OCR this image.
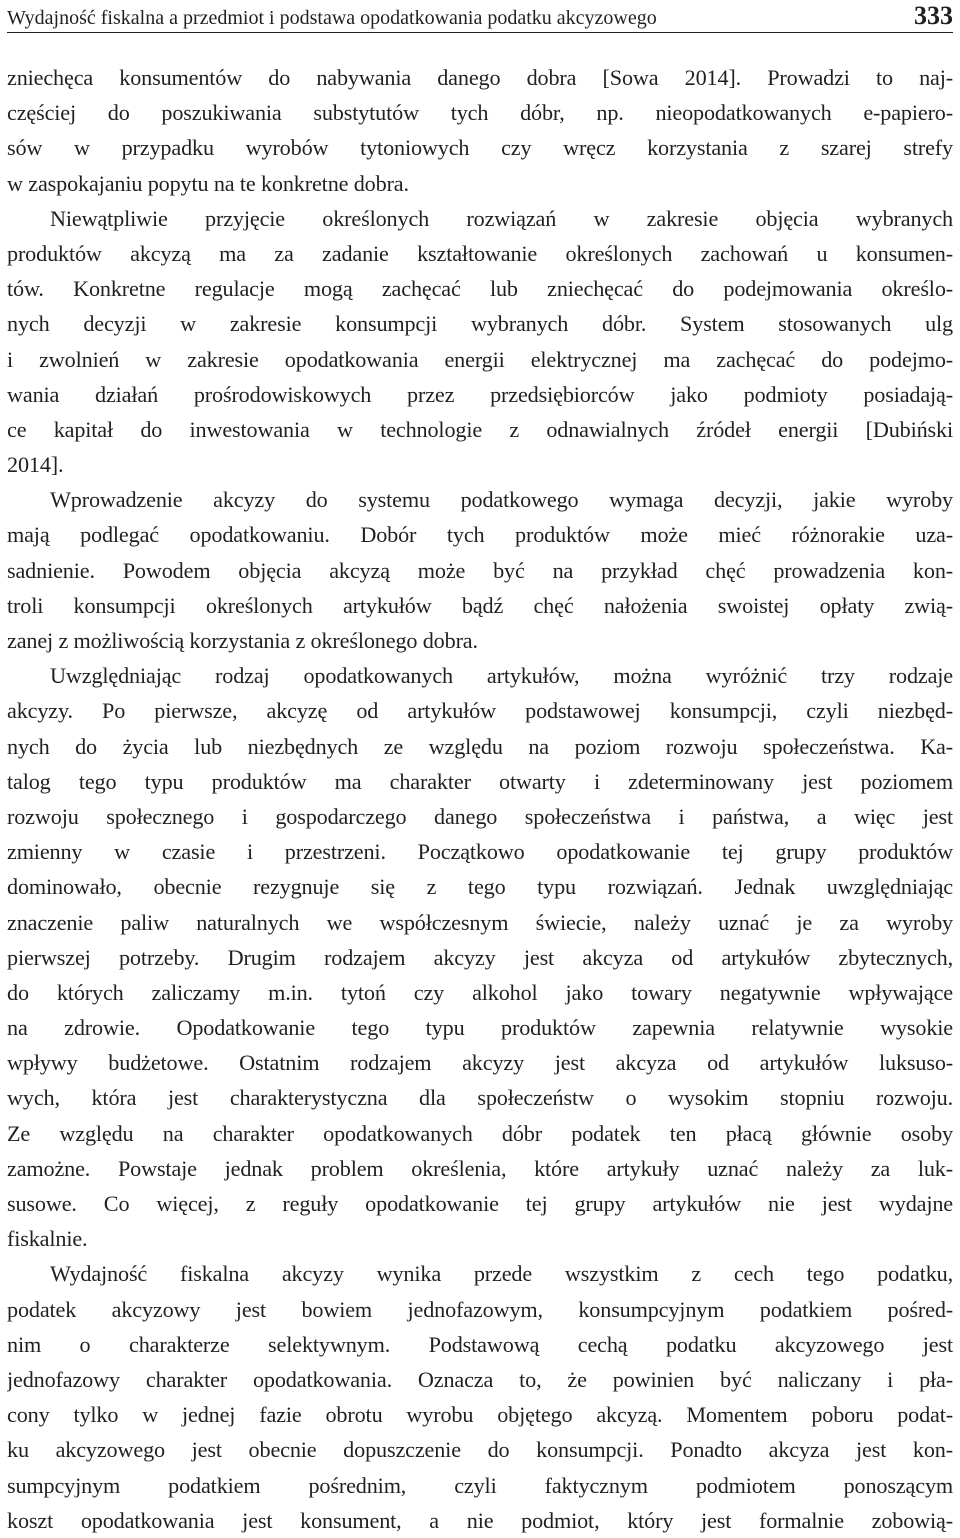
Wydajność fiskalna a przedmiot i podstawa opodatkowania podatku akcyzowego	333
zniechęca konsumentów do nabywania danego dobra [Sowa 2014]. Prowadzi to naj-
częściej do poszukiwania substytutów tych dóbr, np. nieopodatkowanych e-papiero-
sów w przypadku wyrobów tytoniowych czy wręcz korzystania z szarej strefy
w zaspokajaniu popytu na te konkretne dobra.
Niewątpliwie przyjęcie określonych rozwiązań w zakresie objęcia wybranych
produktów akcyzą ma za zadanie kształtowanie określonych zachowań u konsumen-
tów. Konkretne regulacje mogą zachęcać lub zniechęcać do podejmowania określo-
nych decyzji w zakresie konsumpcji wybranych dóbr. System stosowanych ulg
i zwolnień w zakresie opodatkowania energii elektrycznej ma zachęcać do podejmo-
wania działań prośrodowiskowych przez przedsiębiorców jako podmioty posiadają-
ce kapitał do inwestowania w technologie z odnawialnych źródeł energii [Dubiński
2014].
Wprowadzenie akcyzy do systemu podatkowego wymaga decyzji, jakie wyroby
mają podlegać opodatkowaniu. Dobór tych produktów może mieć różnorakie uza-
sadnienie. Powodem objęcia akcyzą może być na przykład chęć prowadzenia kon-
troli konsumpcji określonych artykułów bądź chęć nałożenia swoistej opłaty zwią-
zanej z możliwością korzystania z określonego dobra.
Uwzględniając rodzaj opodatkowanych artykułów, można wyróżnić trzy rodzaje
akcyzy. Po pierwsze, akcyzę od artykułów podstawowej konsumpcji, czyli niezbęd-
nych do życia lub niezbędnych ze względu na poziom rozwoju społeczeństwa. Ka-
talog tego typu produktów ma charakter otwarty i zdeterminowany jest poziomem
rozwoju społecznego i gospodarczego danego społeczeństwa i państwa, a więc jest
zmienny w czasie i przestrzeni. Początkowo opodatkowanie tej grupy produktów
dominowało, obecnie rezygnuje się z tego typu rozwiązań. Jednak uwzględniając
znaczenie paliw naturalnych we współczesnym świecie, należy uznać je za wyroby
pierwszej potrzeby. Drugim rodzajem akcyzy jest akcyza od artykułów zbytecznych,
do których zaliczamy m.in. tytoń czy alkohol jako towary negatywnie wpływające
na zdrowie. Opodatkowanie tego typu produktów zapewnia relatywnie wysokie
wpływy budżetowe. Ostatnim rodzajem akcyzy jest akcyza od artykułów luksuso-
wych, która jest charakterystyczna dla społeczeństw o wysokim stopniu rozwoju.
Ze względu na charakter opodatkowanych dóbr podatek ten płacą głównie osoby
zamożne. Powstaje jednak problem określenia, które artykuły uznać należy za luk-
susowe. Co więcej, z reguły opodatkowanie tej grupy artykułów nie jest wydajne
fiskalnie.
Wydajność fiskalna akcyzy wynika przede wszystkim z cech tego podatku,
podatek akcyzowy jest bowiem jednofazowym, konsumpcyjnym podatkiem pośred-
nim o charakterze selektywnym. Podstawową cechą podatku akcyzowego jest
jednofazowy charakter opodatkowania. Oznacza to, że powinien być naliczany i pła-
cony tylko w jednej fazie obrotu wyrobu objętego akcyzą. Momentem poboru podat-
ku akcyzowego jest obecnie dopuszczenie do konsumpcji. Ponadto akcyza jest kon-
sumpcyjnym podatkiem pośrednim, czyli faktycznym podmiotem ponoszącym
koszt opodatkowania jest konsument, a nie podmiot, który jest formalnie zobowią-
